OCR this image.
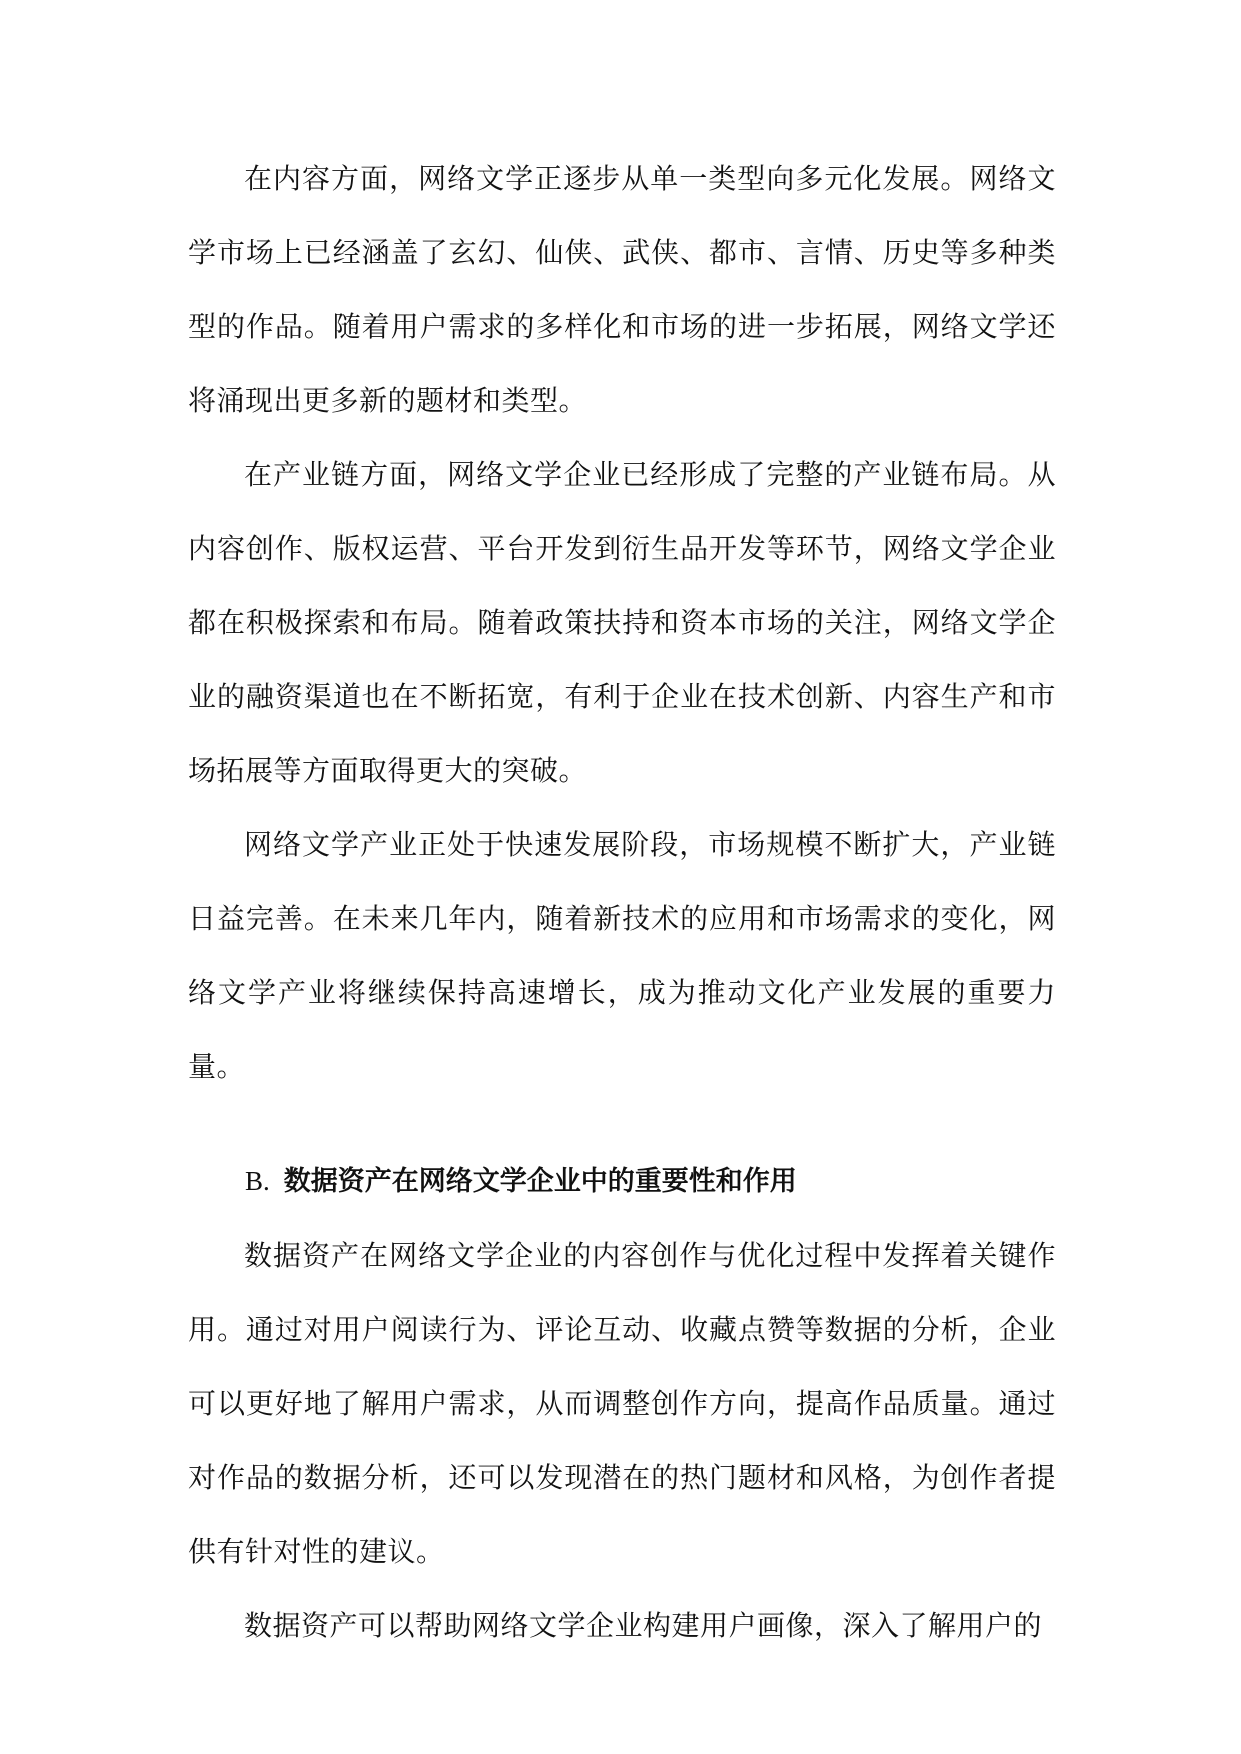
在内容方面，网络文学正逐步从单一类型向多元化发展。网络文学市场上已经涵盖了玄幻、仙侠、武侠、都市、言情、历史等多种类型的作品。随着用户需求的多样化和市场的进一步拓展，网络文学还将涌现出更多新的题材和类型。

在产业链方面，网络文学企业已经形成了完整的产业链布局。从内容创作、版权运营、平台开发到衍生品开发等环节，网络文学企业都在积极探索和布局。随着政策扶持和资本市场的关注，网络文学企业的融资渠道也在不断拓宽，有利于企业在技术创新、内容生产和市场拓展等方面取得更大的突破。

网络文学产业正处于快速发展阶段，市场规模不断扩大，产业链日益完善。在未来几年内，随着新技术的应用和市场需求的变化，网络文学产业将继续保持高速增长，成为推动文化产业发展的重要力量。

B. 数据资产在网络文学企业中的重要性和作用

数据资产在网络文学企业的内容创作与优化过程中发挥着关键作用。通过对用户阅读行为、评论互动、收藏点赞等数据的分析，企业可以更好地了解用户需求，从而调整创作方向，提高作品质量。通过对作品的数据分析，还可以发现潜在的热门题材和风格，为创作者提供有针对性的建议。

数据资产可以帮助网络文学企业构建用户画像，深入了解用户的
